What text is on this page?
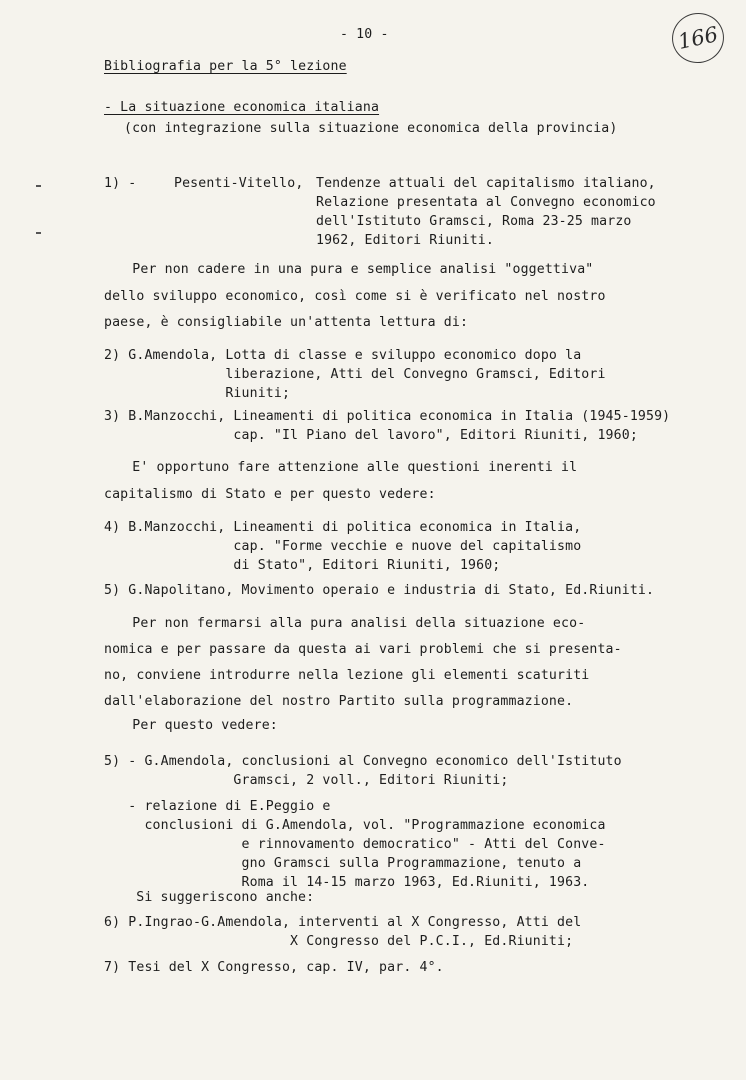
- 10 -	166
Bibliografia per la 5° lezione
- La situazione economica italiana
(con integrazione sulla situazione economica della provincia)
1) -	Pesenti-Vitello, Tendenze attuali del capitalismo italiano,
Relazione presentata al Convegno economico
dell'Istituto Gramsci, Roma 23-25 marzo
1962, Editori Riuniti.
Per non cadere in una pura e semplice analisi "oggettiva"
dello sviluppo economico, così come si è verificato nel nostro
paese, è consigliabile un'attenta lettura di:
2) G.Amendola, Lotta di classe e sviluppo economico dopo la
liberazione, Atti del Convegno Gramsci, Editori
Riuniti;
3) B.Manzocchi, Lineamenti di politica economica in Italia (1945-1959)
cap. "Il Piano del lavoro", Editori Riuniti, 1960;
E' opportuno fare attenzione alle questioni inerenti il
capitalismo di Stato e per questo vedere:
4) B.Manzocchi, Lineamenti di politica economica in Italia,
cap. "Forme vecchie e nuove del capitalismo
di Stato", Editori Riuniti, 1960;
5) G.Napolitano, Movimento operaio e industria di Stato, Ed.Riuniti.
Per non fermarsi alla pura analisi della situazione eco-
nomica e per passare da questa ai vari problemi che si presenta-
no, conviene introdurre nella lezione gli elementi scaturiti
dall'elaborazione del nostro Partito sulla programmazione.
Per questo vedere:
5) - G.Amendola, conclusioni al Convegno economico dell'Istituto
Gramsci, 2 voll., Editori Riuniti;
- relazione di E.Peggio e
conclusioni di G.Amendola, vol. "Programmazione economica
e rinnovamento democratico" - Atti del Conve-
gno Gramsci sulla Programmazione, tenuto a
Roma il 14-15 marzo 1963, Ed.Riuniti, 1963.
Si suggeriscono anche:
6) P.Ingrao-G.Amendola, interventi al X Congresso, Atti del
X Congresso del P.C.I., Ed.Riuniti;
7) Tesi del X Congresso, cap. IV, par. 4°.
